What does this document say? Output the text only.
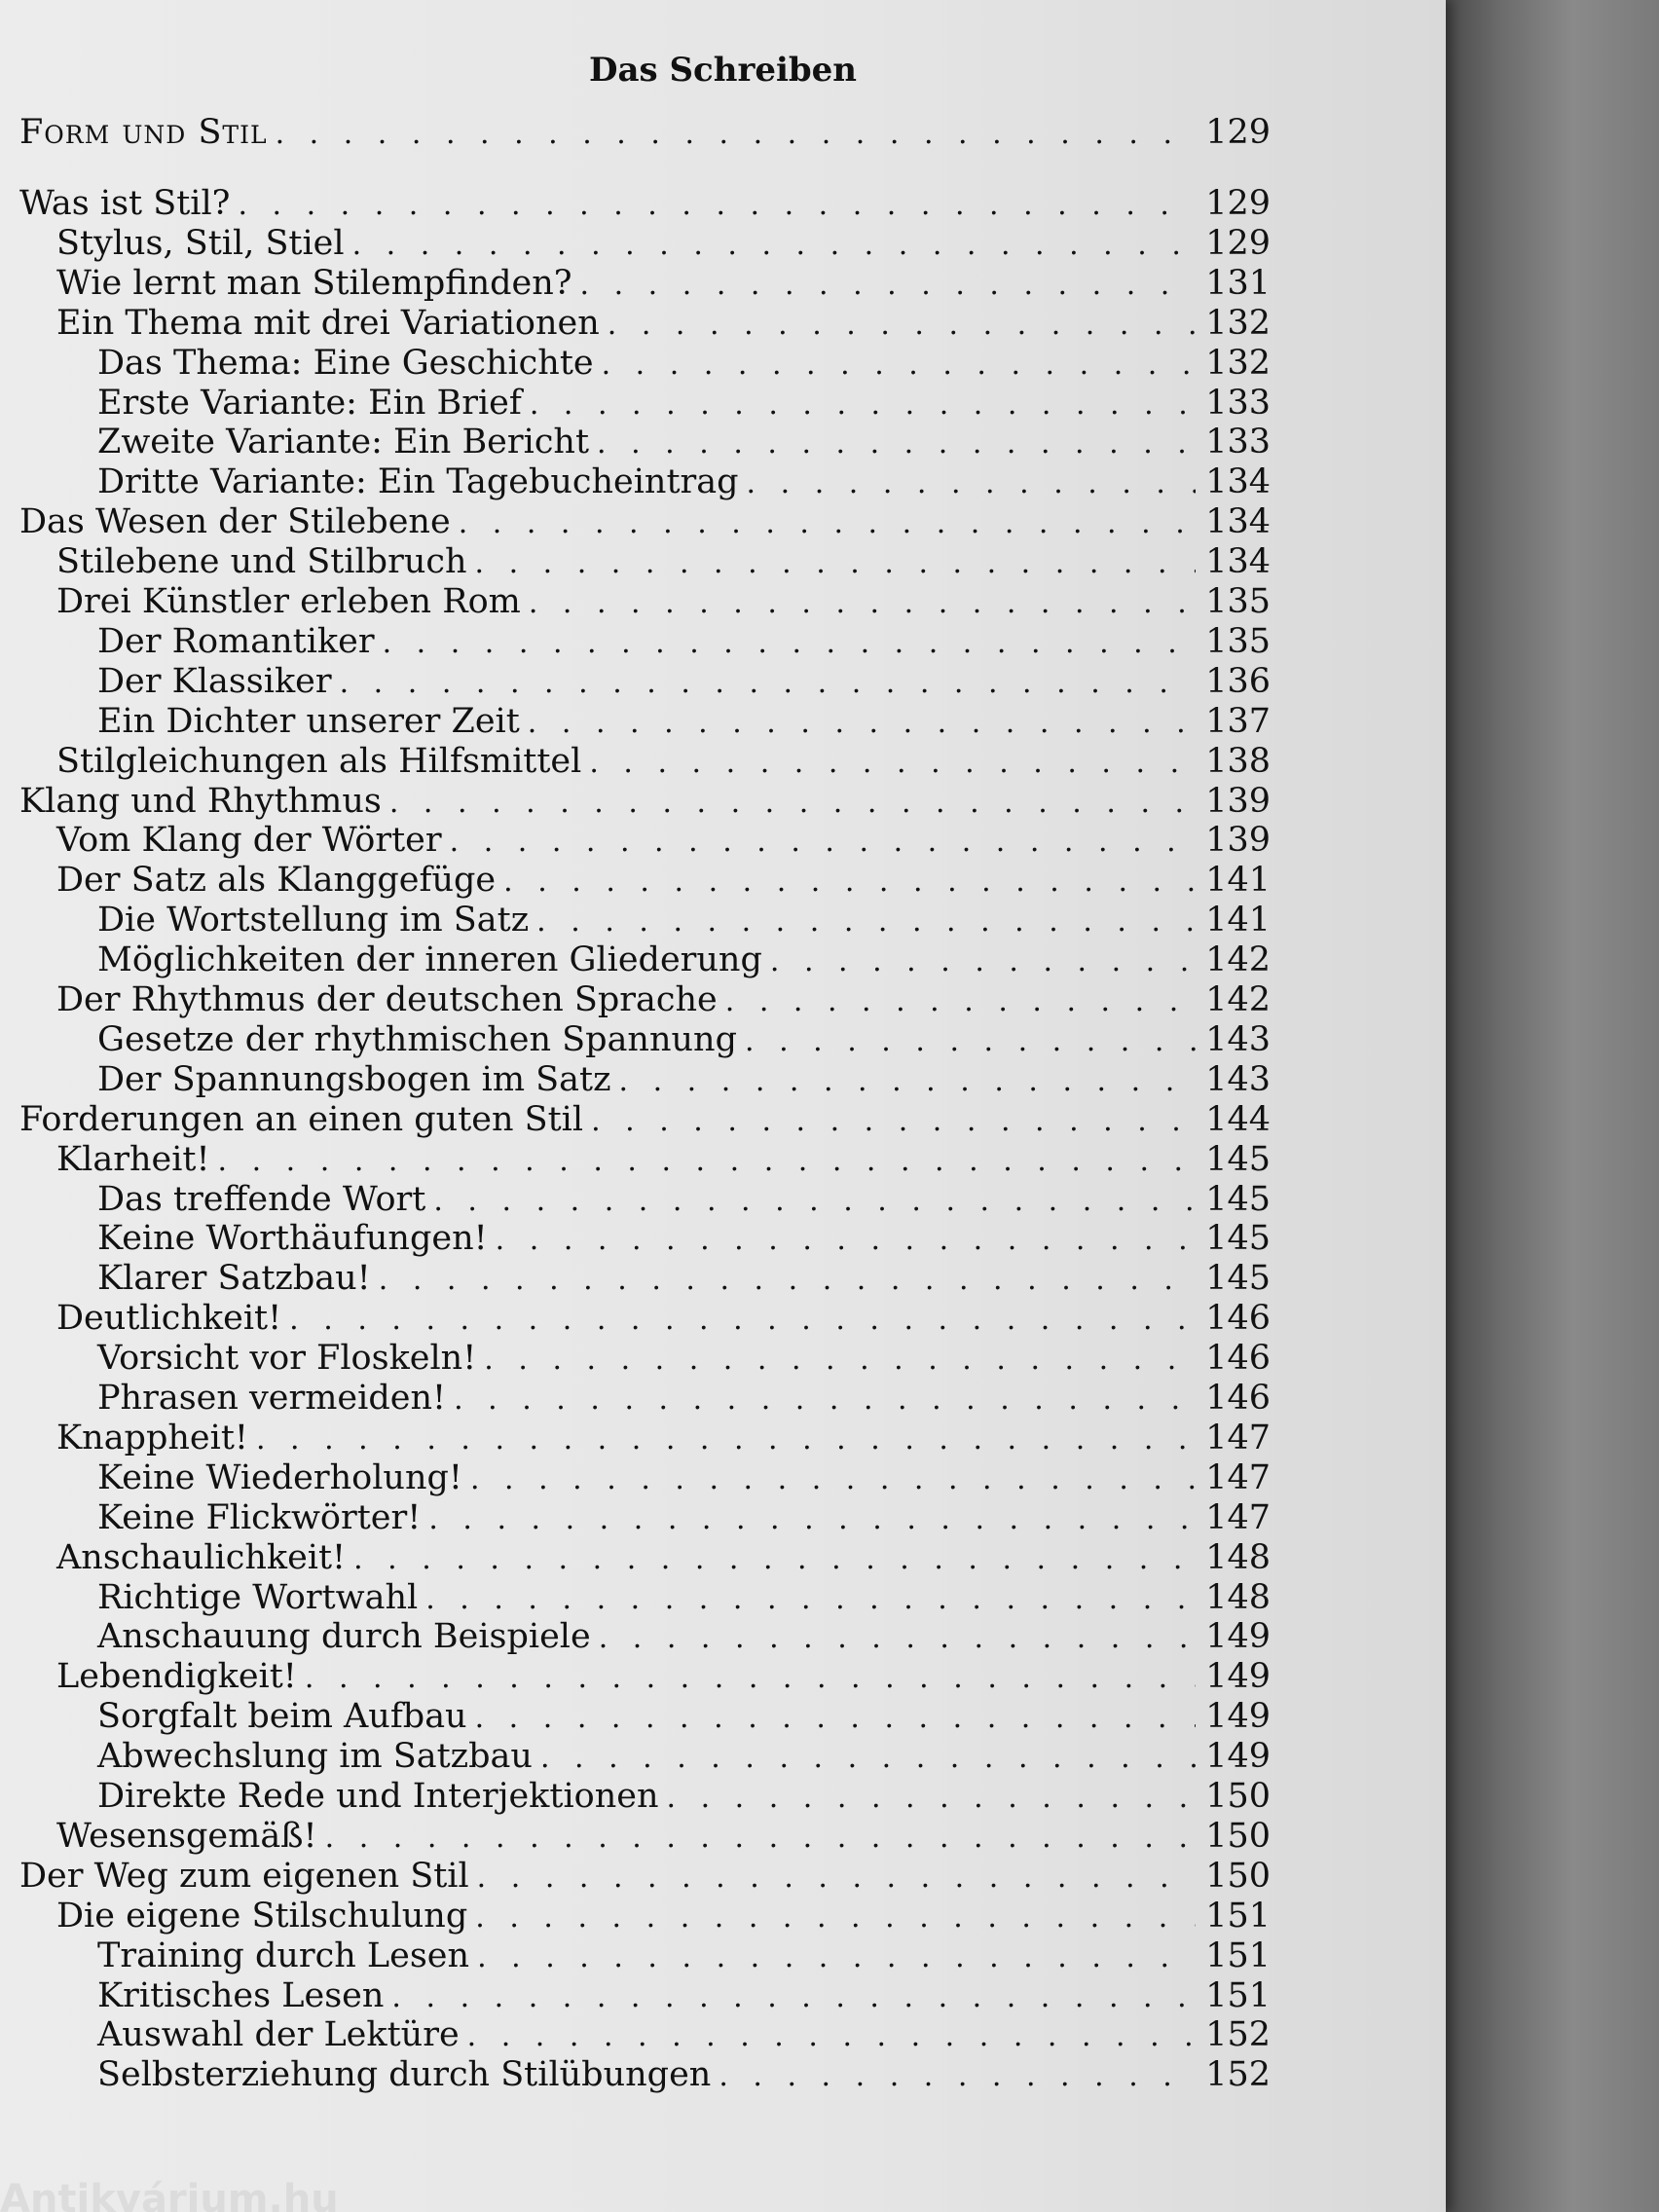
Das Schreiben
Form und Stil . . .	129
Was ist Stil? . . .	129
Stylus, Stil, Stiel . . .	129
Wie lernt man Stilempfinden? . . .	131
Ein Thema mit drei Variationen . . .	132
Das Thema: Eine Geschichte . . .	132
Erste Variante: Ein Brief . . .	133
Zweite Variante: Ein Bericht . . .	133
Dritte Variante: Ein Tagebucheintrag . . .	134
Das Wesen der Stilebene . . .	134
Stilebene und Stilbruch . . .	134
Drei Künstler erleben Rom . . .	135
Der Romantiker . . .	135
Der Klassiker . . .	136
Ein Dichter unserer Zeit . . .	137
Stilgleichungen als Hilfsmittel . . .	138
Klang und Rhythmus . . .	139
Vom Klang der Wörter . . .	139
Der Satz als Klanggefüge . . .	141
Die Wortstellung im Satz . . .	141
Möglichkeiten der inneren Gliederung . . .	142
Der Rhythmus der deutschen Sprache . . .	142
Gesetze der rhythmischen Spannung . . .	143
Der Spannungsbogen im Satz . . .	143
Forderungen an einen guten Stil . . .	144
Klarheit! . . .	145
Das treffende Wort . . .	145
Keine Worthäufungen! . . .	145
Klarer Satzbau! . . .	145
Deutlichkeit! . . .	146
Vorsicht vor Floskeln! . . .	146
Phrasen vermeiden! . . .	146
Knappheit! . . .	147
Keine Wiederholung! . . .	147
Keine Flickwörter! . . .	147
Anschaulichkeit! . . .	148
Richtige Wortwahl . . .	148
Anschauung durch Beispiele . . .	149
Lebendigkeit! . . .	149
Sorgfalt beim Aufbau . . .	149
Abwechslung im Satzbau . . .	149
Direkte Rede und Interjektionen . . .	150
Wesensgemäß! . . .	150
Der Weg zum eigenen Stil . . .	150
Die eigene Stilschulung . . .	151
Training durch Lesen . . .	151
Kritisches Lesen . . .	151
Auswahl der Lektüre . . .	152
Selbsterziehung durch Stilübungen . . .	152
Antikvárium.hu
